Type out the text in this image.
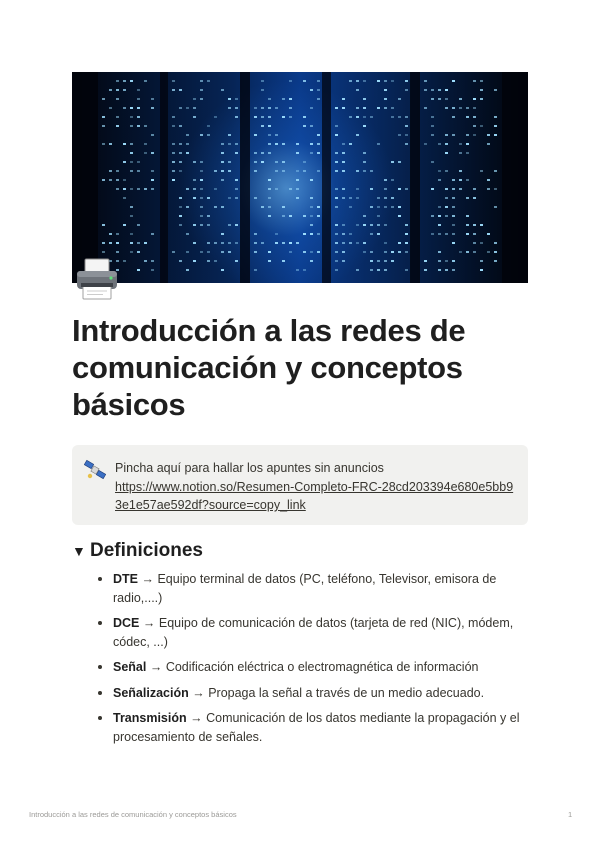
Introducción a las redes de comunicación y conceptos básicos
Pincha aquí para hallar los apuntes sin anuncios
https://www.notion.so/Resumen-Completo-FRC-28cd203394e680e5bb93e1e57ae592df?source=copy_link
▼ Definiciones
DTE → Equipo terminal de datos (PC, teléfono, Televisor, emisora de radio,....)
DCE → Equipo de comunicación de datos (tarjeta de red (NIC), módem, códec, ...)
Señal → Codificación eléctrica o electromagnética de información
Señalización → Propaga la señal a través de un medio adecuado.
Transmisión → Comunicación de los datos mediante la propagación y el procesamiento de señales.
Introducción a las redes de comunicación y conceptos básicos	1
